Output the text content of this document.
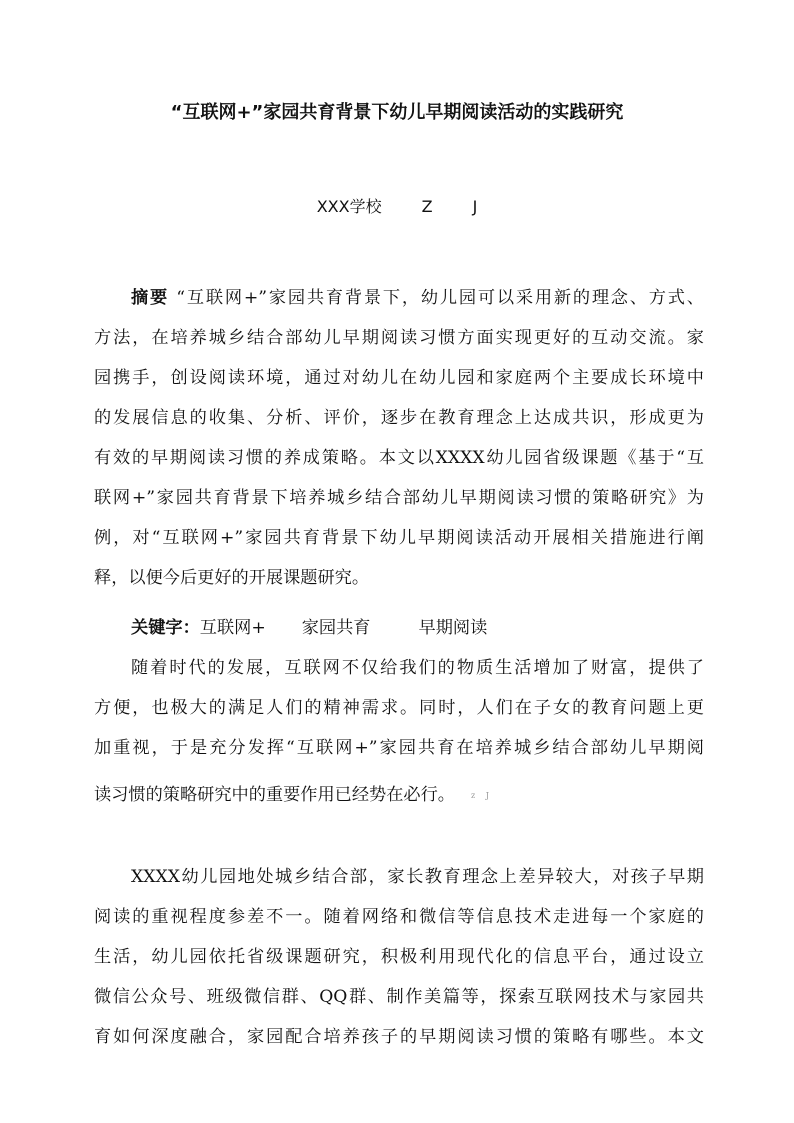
“互联网+”家园共育背景下幼儿早期阅读活动的实践研究
XXX学校	Z	J
摘要 “互联网+”家园共育背景下，幼儿园可以采用新的理念、方式、
方法，在培养城乡结合部幼儿早期阅读习惯方面实现更好的互动交流。家
园携手，创设阅读环境，通过对幼儿在幼儿园和家庭两个主要成长环境中
的发展信息的收集、分析、评价，逐步在教育理念上达成共识，形成更为
有效的早期阅读习惯的养成策略。本文以XXXX幼儿园省级课题《基于“互
联网+”家园共育背景下培养城乡结合部幼儿早期阅读习惯的策略研究》为
例，对“互联网+”家园共育背景下幼儿早期阅读活动开展相关措施进行阐
释，以便今后更好的开展课题研究。
关键字：互联网+ 家园共育	早期阅读
随着时代的发展，互联网不仅给我们的物质生活增加了财富，提供了
方便，也极大的满足人们的精神需求。同时，人们在子女的教育问题上更
加重视，于是充分发挥“互联网+”家园共育在培养城乡结合部幼儿早期阅
读习惯的策略研究中的重要作用已经势在必行。 z J
XXXX幼儿园地处城乡结合部，家长教育理念上差异较大，对孩子早期
阅读的重视程度参差不一。随着网络和微信等信息技术走进每一个家庭的
生活，幼儿园依托省级课题研究，积极利用现代化的信息平台，通过设立
微信公众号、班级微信群、QQ群、制作美篇等，探索互联网技术与家园共
育如何深度融合，家园配合培养孩子的早期阅读习惯的策略有哪些。本文
